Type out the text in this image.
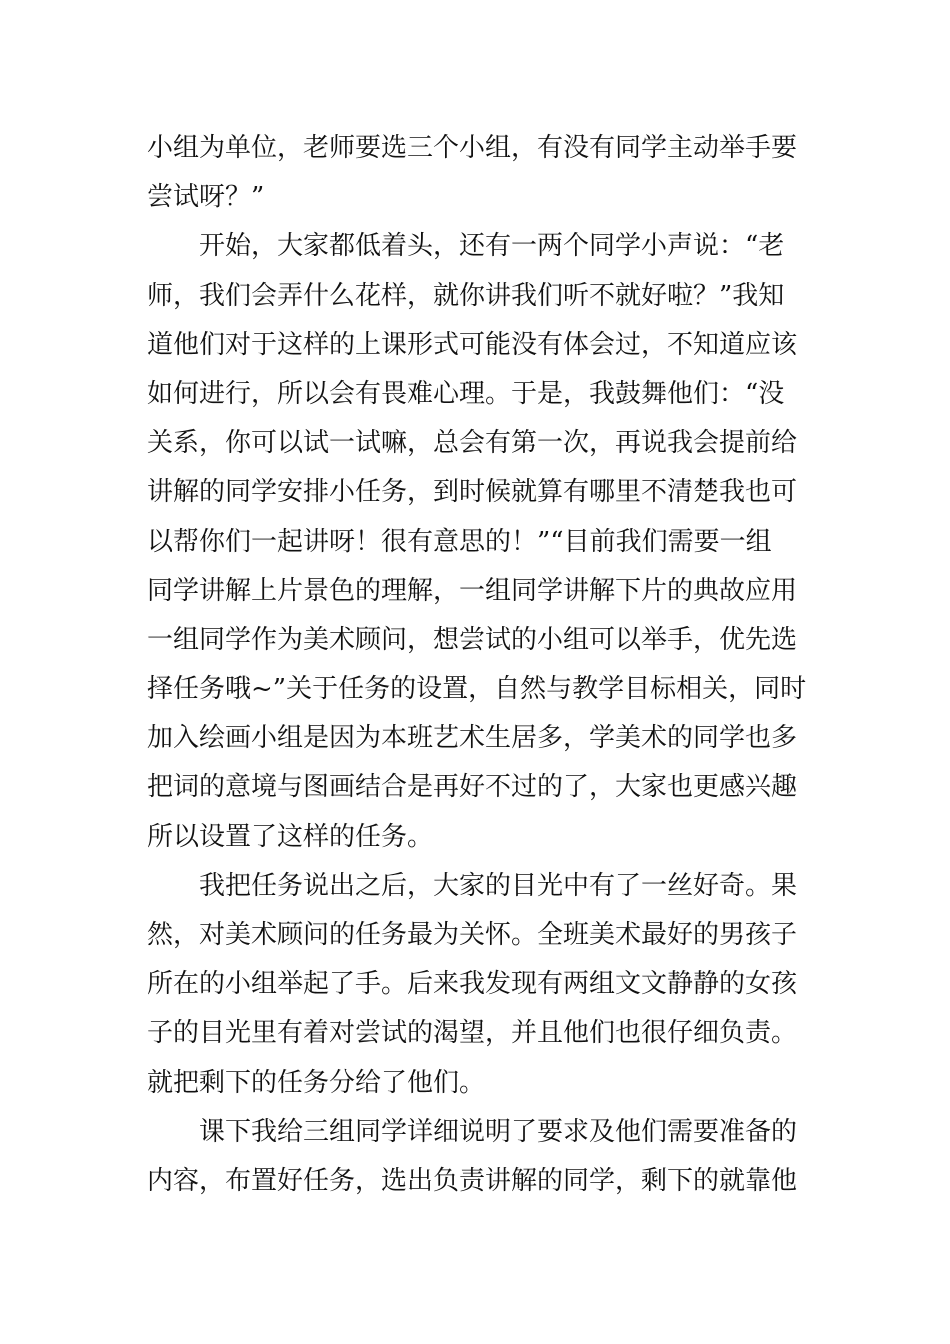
小组为单位，老师要选三个小组，有没有同学主动举手要
尝试呀？”
开始，大家都低着头，还有一两个同学小声说：“老
师，我们会弄什么花样，就你讲我们听不就好啦？”我知
道他们对于这样的上课形式可能没有体会过，不知道应该
如何进行，所以会有畏难心理。于是，我鼓舞他们：“没
关系，你可以试一试嘛，总会有第一次，再说我会提前给
讲解的同学安排小任务，到时候就算有哪里不清楚我也可
以帮你们一起讲呀！很有意思的！”“目前我们需要一组
同学讲解上片景色的理解，一组同学讲解下片的典故应用
一组同学作为美术顾问，想尝试的小组可以举手，优先选
择任务哦~”关于任务的设置，自然与教学目标相关，同时
加入绘画小组是因为本班艺术生居多，学美术的同学也多
把词的意境与图画结合是再好不过的了，大家也更感兴趣
所以设置了这样的任务。
我把任务说出之后，大家的目光中有了一丝好奇。果
然，对美术顾问的任务最为关怀。全班美术最好的男孩子
所在的小组举起了手。后来我发现有两组文文静静的女孩
子的目光里有着对尝试的渴望，并且他们也很仔细负责。
就把剩下的任务分给了他们。
课下我给三组同学详细说明了要求及他们需要准备的
内容，布置好任务，选出负责讲解的同学，剩下的就靠他
